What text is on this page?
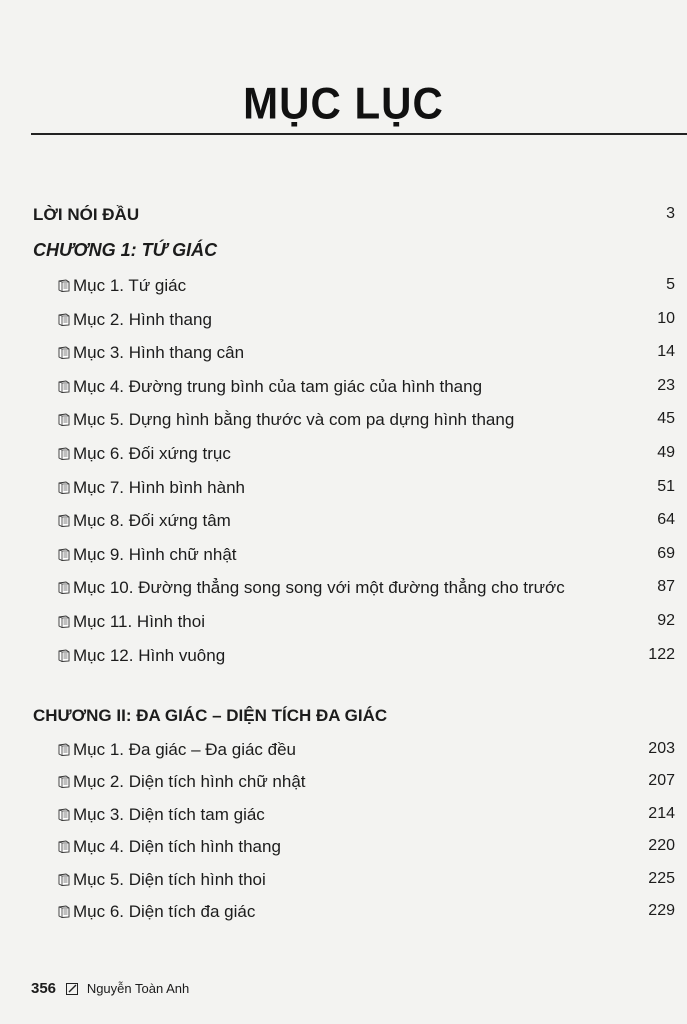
MỤC LỤC
LỜI NÓI ĐẦU	3
CHƯƠNG 1: TỨ GIÁC
Mục 1. Tứ giác	5
Mục 2. Hình thang	10
Mục 3. Hình thang cân	14
Mục 4. Đường trung bình của tam giác của hình thang	23
Mục 5. Dựng hình bằng thước và com pa dựng hình thang	45
Mục 6. Đối xứng trục	49
Mục 7. Hình bình hành	51
Mục 8. Đối xứng tâm	64
Mục 9. Hình chữ nhật	69
Mục 10. Đường thẳng song song với một đường thẳng cho trước	87
Mục 11. Hình thoi	92
Mục 12. Hình vuông	122
CHƯƠNG II: ĐA GIÁC – DIỆN TÍCH ĐA GIÁC
Mục 1. Đa giác – Đa giác đều	203
Mục 2. Diện tích hình chữ nhật	207
Mục 3. Diện tích tam giác	214
Mục 4. Diện tích hình thang	220
Mục 5. Diện tích hình thoi	225
Mục 6. Diện tích đa giác	229
356 Nguyễn Toàn Anh
